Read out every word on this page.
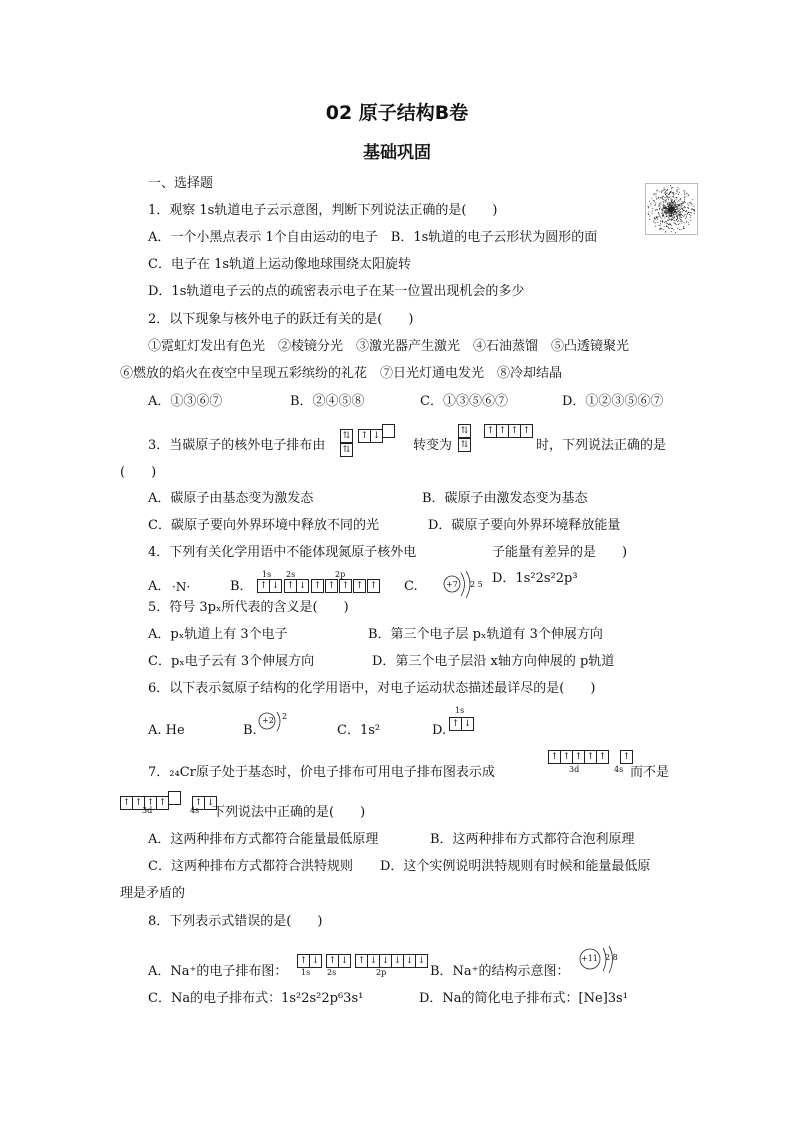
02 原子结构B卷
基础巩固
一、选择题
1．观察 1s轨道电子云示意图，判断下列说法正确的是(　　)
A．一个小黑点表示 1个自由运动的电子　B．1s轨道的电子云形状为圆形的面
C．电子在 1s轨道上运动像地球围绕太阳旋转
D．1s轨道电子云的点的疏密表示电子在某一位置出现机会的多少
2．以下现象与核外电子的跃迁有关的是(　　)
①霓虹灯发出有色光　②棱镜分光　③激光器产生激光　④石油蒸馏　⑤凸透镜聚光
⑥燃放的焰火在夜空中呈现五彩缤纷的礼花　⑦日光灯通电发光　⑧冷却结晶
A．①③⑥⑦	B．②④⑤⑧	C．①③⑤⑥⑦	D．①②③⑤⑥⑦
⇅ ↑ ↓
⇅
3．当碳原子的核外电子排布由	转变为
⇅ ↑ ↑ ↑ ↑
⇅	时，下列说法正确的是
(　　)
A．碳原子由基态变为激发态	B．碳原子由激发态变为基态
C．碳原子要向外界环境中释放不同的光	D．碳原子要向外界环境释放能量
4．下列有关化学用语中不能体现氮原子核外电	子能量有差异的是　　)
A． ·N·	B．
1s 2s	2p
↑ ↓ ↑ ↓ ↑ ↑ ↑ ↑ ↑ C.	+7 2 5 D．1s²2s²2p³
5．符号 3pₓ所代表的含义是(　　)
A．pₓ轨道上有 3个电子	B．第三个电子层 pₓ轨道有 3个伸展方向
C．pₓ电子云有 3个伸展方向	D．第三个电子层沿 x轴方向伸展的 p轨道
6．以下表示氦原子结构的化学用语中，对电子运动状态描述最详尽的是(　　)
A. He	B.
+2 2
C．1s²	D.
1s
↑ ↓
7．₂₄Cr原子处于基态时，价电子排布可用电子排布图表示成
↑ ↑ ↑ ↑ ↑ ↑
3d	4s 而不是
↑ ↑ ↑ ↑	↑ ↓
3d	4s 下列说法中正确的是(　　)
A．这两种排布方式都符合能量最低原理	B．这两种排布方式都符合泡利原理
C．这两种排布方式都符合洪特规则 D．这个实例说明洪特规则有时候和能量最低原
理是矛盾的
8．下列表示式错误的是(　　)
A．Na⁺的电子排布图：
↑ ↓ ↑ ↓ ↑ ↓ ↓ ↓ ↓ ↓
1s 2s	2p	B．Na⁺的结构示意图：
+11 2 8
C．Na的电子排布式：1s²2s²2p⁶3s¹	D．Na的简化电子排布式：[Ne]3s¹
